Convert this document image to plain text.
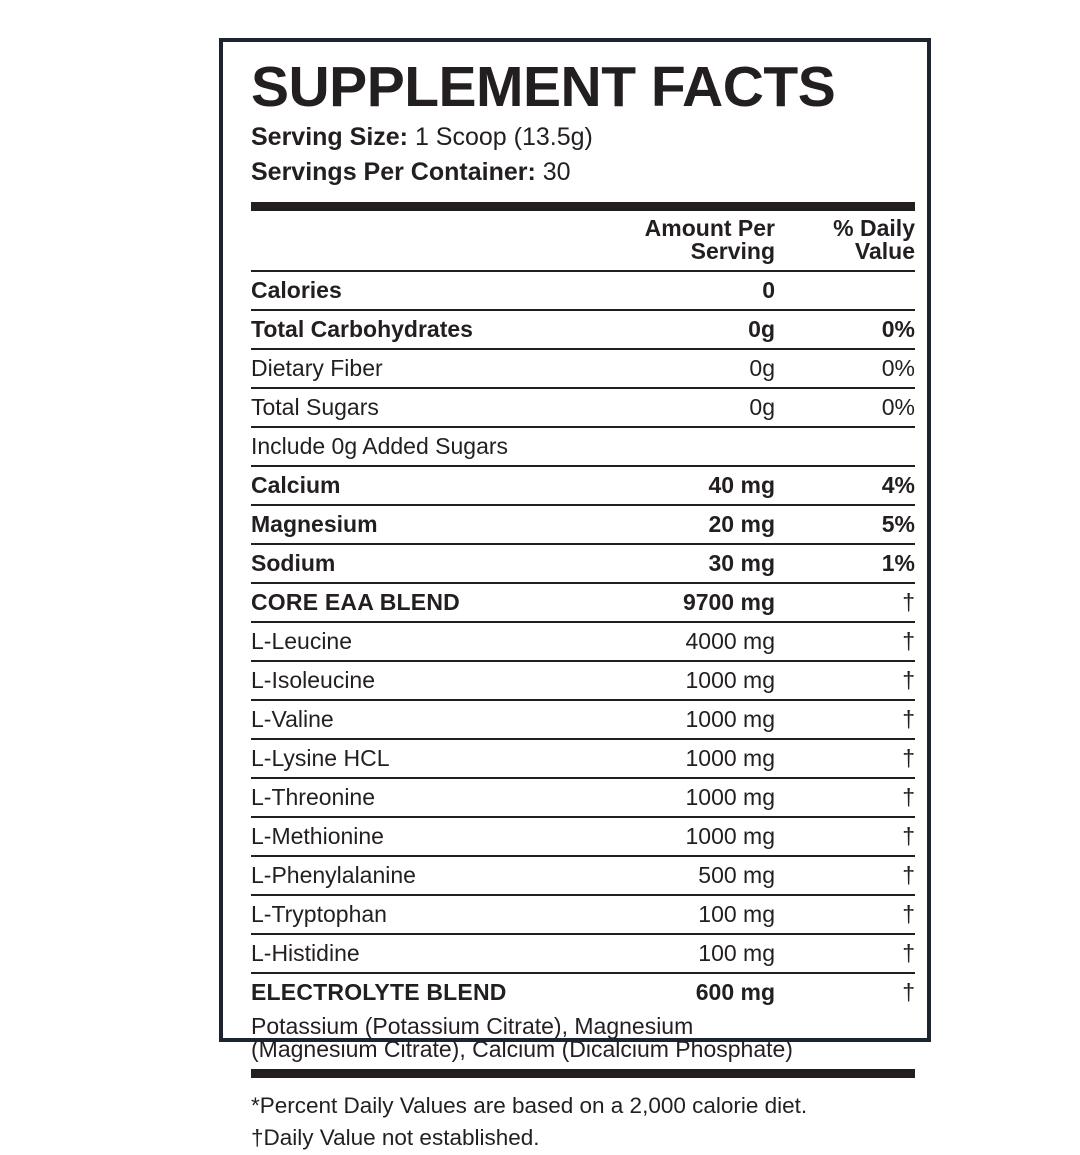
SUPPLEMENT FACTS
Serving Size: 1 Scoop (13.5g)
Servings Per Container: 30

	Amount Per Serving	% Daily Value

Calories	0	

Total Carbohydrates	0g	0%

Dietary Fiber	0g	0%

Total Sugars	0g	0%

Include 0g Added Sugars		

Calcium	40 mg	4%

Magnesium	20 mg	5%

Sodium	30 mg	1%

CORE EAA BLEND	9700 mg	†

L-Leucine	4000 mg	†

L-Isoleucine	1000 mg	†

L-Valine	1000 mg	†

L-Lysine HCL	1000 mg	†

L-Threonine	1000 mg	†

L-Methionine	1000 mg	†

L-Phenylalanine	500 mg	†

L-Tryptophan	100 mg	†

L-Histidine	100 mg	†

ELECTROLYTE BLEND	600 mg	†

Potassium (Potassium Citrate), Magnesium
(Magnesium Citrate), Calcium (Dicalcium Phosphate)		

*Percent Daily Values are based on a 2,000 calorie diet.
†Daily Value not established.
